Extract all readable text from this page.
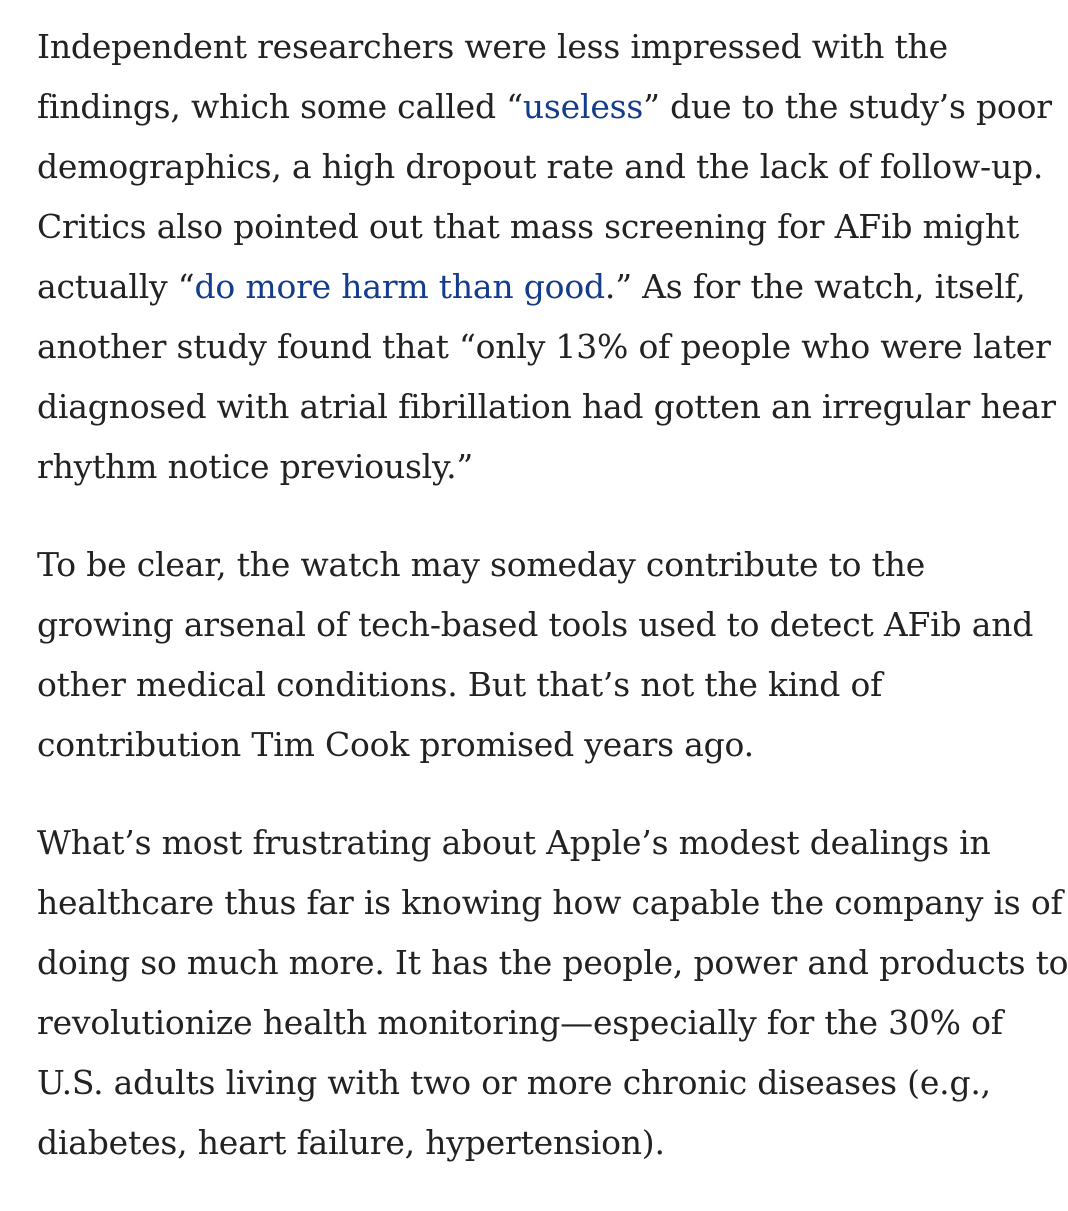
Independent researchers were less impressed with the
findings, which some called “useless” due to the study’s poor
demographics, a high dropout rate and the lack of follow-up.
Critics also pointed out that mass screening for AFib might
actually “do more harm than good.” As for the watch, itself,
another study found that “only 13% of people who were later
diagnosed with atrial fibrillation had gotten an irregular hear
rhythm notice previously.”
To be clear, the watch may someday contribute to the
growing arsenal of tech-based tools used to detect AFib and
other medical conditions. But that’s not the kind of
contribution Tim Cook promised years ago.
What’s most frustrating about Apple’s modest dealings in
healthcare thus far is knowing how capable the company is of
doing so much more. It has the people, power and products to
revolutionize health monitoring—especially for the 30% of
U.S. adults living with two or more chronic diseases (e.g.,
diabetes, heart failure, hypertension).
